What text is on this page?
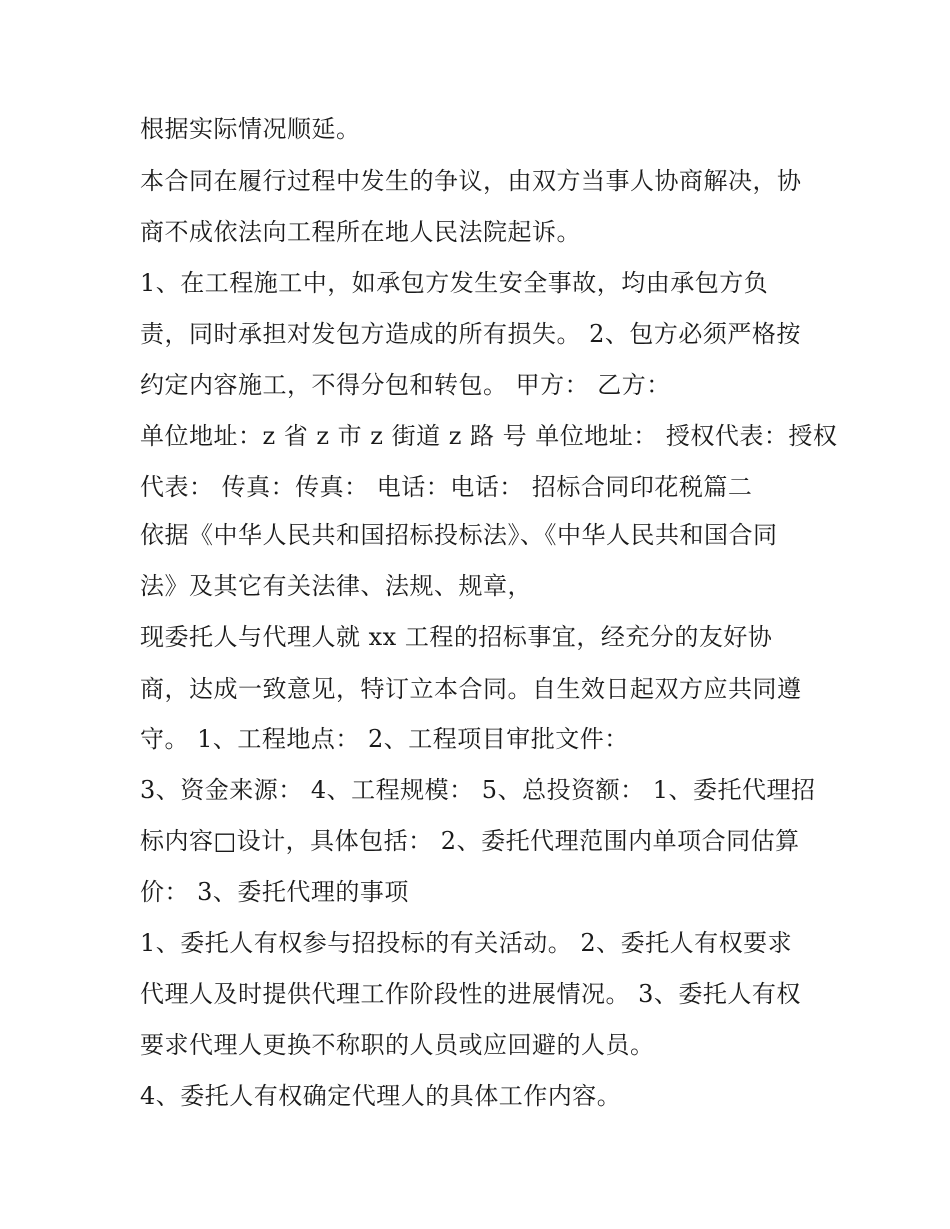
根据实际情况顺延。
本合同在履行过程中发生的争议，由双方当事人协商解决，协
商不成依法向工程所在地人民法院起诉。
1、在工程施工中，如承包方发生安全事故，均由承包方负
责，同时承担对发包方造成的所有损失。 2、包方必须严格按
约定内容施工，不得分包和转包。 甲方： 乙方：
单位地址：z 省 z 市 z 街道 z 路 号 单位地址： 授权代表：授权
代表： 传真：传真： 电话：电话： 招标合同印花税篇二
依据《中华人民共和国招标投标法》、《中华人民共和国合同
法》及其它有关法律、法规、规章，
现委托人与代理人就 xx 工程的招标事宜，经充分的友好协
商，达成一致意见，特订立本合同。自生效日起双方应共同遵
守。 1、工程地点： 2、工程项目审批文件：
3、资金来源： 4、工程规模： 5、总投资额： 1、委托代理招
标内容□设计，具体包括： 2、委托代理范围内单项合同估算
价： 3、委托代理的事项
1、委托人有权参与招投标的有关活动。 2、委托人有权要求
代理人及时提供代理工作阶段性的进展情况。 3、委托人有权
要求代理人更换不称职的人员或应回避的人员。
4、委托人有权确定代理人的具体工作内容。
